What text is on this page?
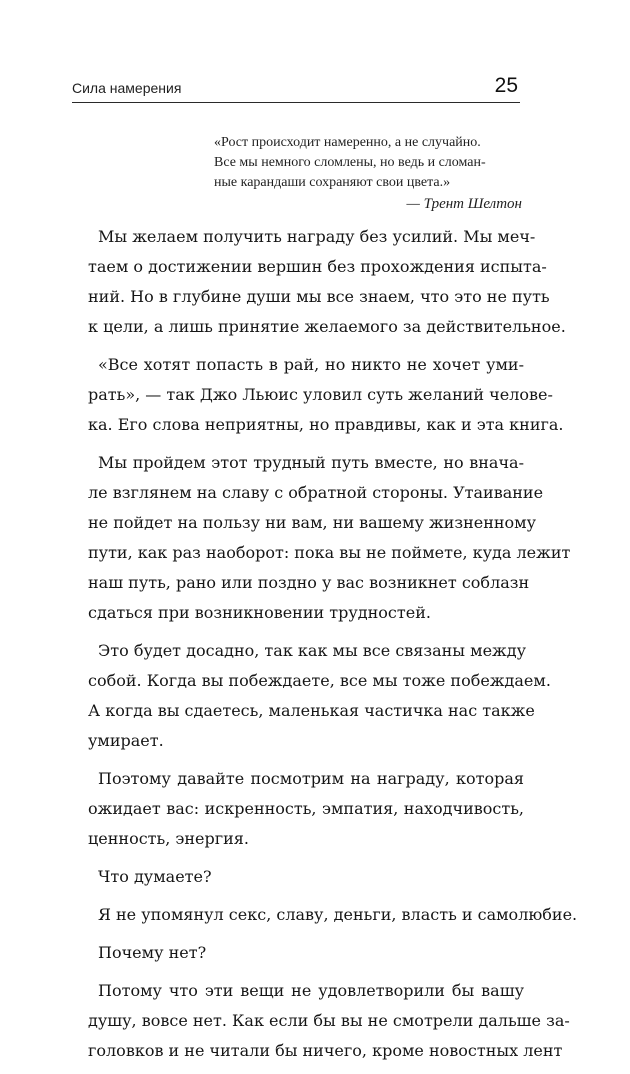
Сила намерения	25
«Рост происходит намеренно, а не случайно.
Все мы немного сломлены, но ведь и сломан-
ные карандаши сохраняют свои цвета.»
— Трент Шелтон
Мы желаем получить награду без усилий. Мы меч-
таем о достижении вершин без прохождения испыта-
ний. Но в глубине души мы все знаем, что это не путь
к цели, а лишь принятие желаемого за действительное.
«Все хотят попасть в рай, но никто не хочет уми-
рать», — так Джо Льюис уловил суть желаний челове-
ка. Его слова неприятны, но правдивы, как и эта книга.
Мы пройдем этот трудный путь вместе, но внача-
ле взглянем на славу с обратной стороны. Утаивание
не пойдет на пользу ни вам, ни вашему жизненному
пути, как раз наоборот: пока вы не поймете, куда лежит
наш путь, рано или поздно у вас возникнет соблазн
сдаться при возникновении трудностей.
Это будет досадно, так как мы все связаны между
собой. Когда вы побеждаете, все мы тоже побеждаем.
А когда вы сдаетесь, маленькая частичка нас также
умирает.
Поэтому давайте посмотрим на награду, которая
ожидает вас: искренность, эмпатия, находчивость,
ценность, энергия.
Что думаете?
Я не упомянул секс, славу, деньги, власть и самолюбие.
Почему нет?
Потому что эти вещи не удовлетворили бы вашу
душу, вовсе нет. Как если бы вы не смотрели дальше за-
головков и не читали бы ничего, кроме новостных лент
